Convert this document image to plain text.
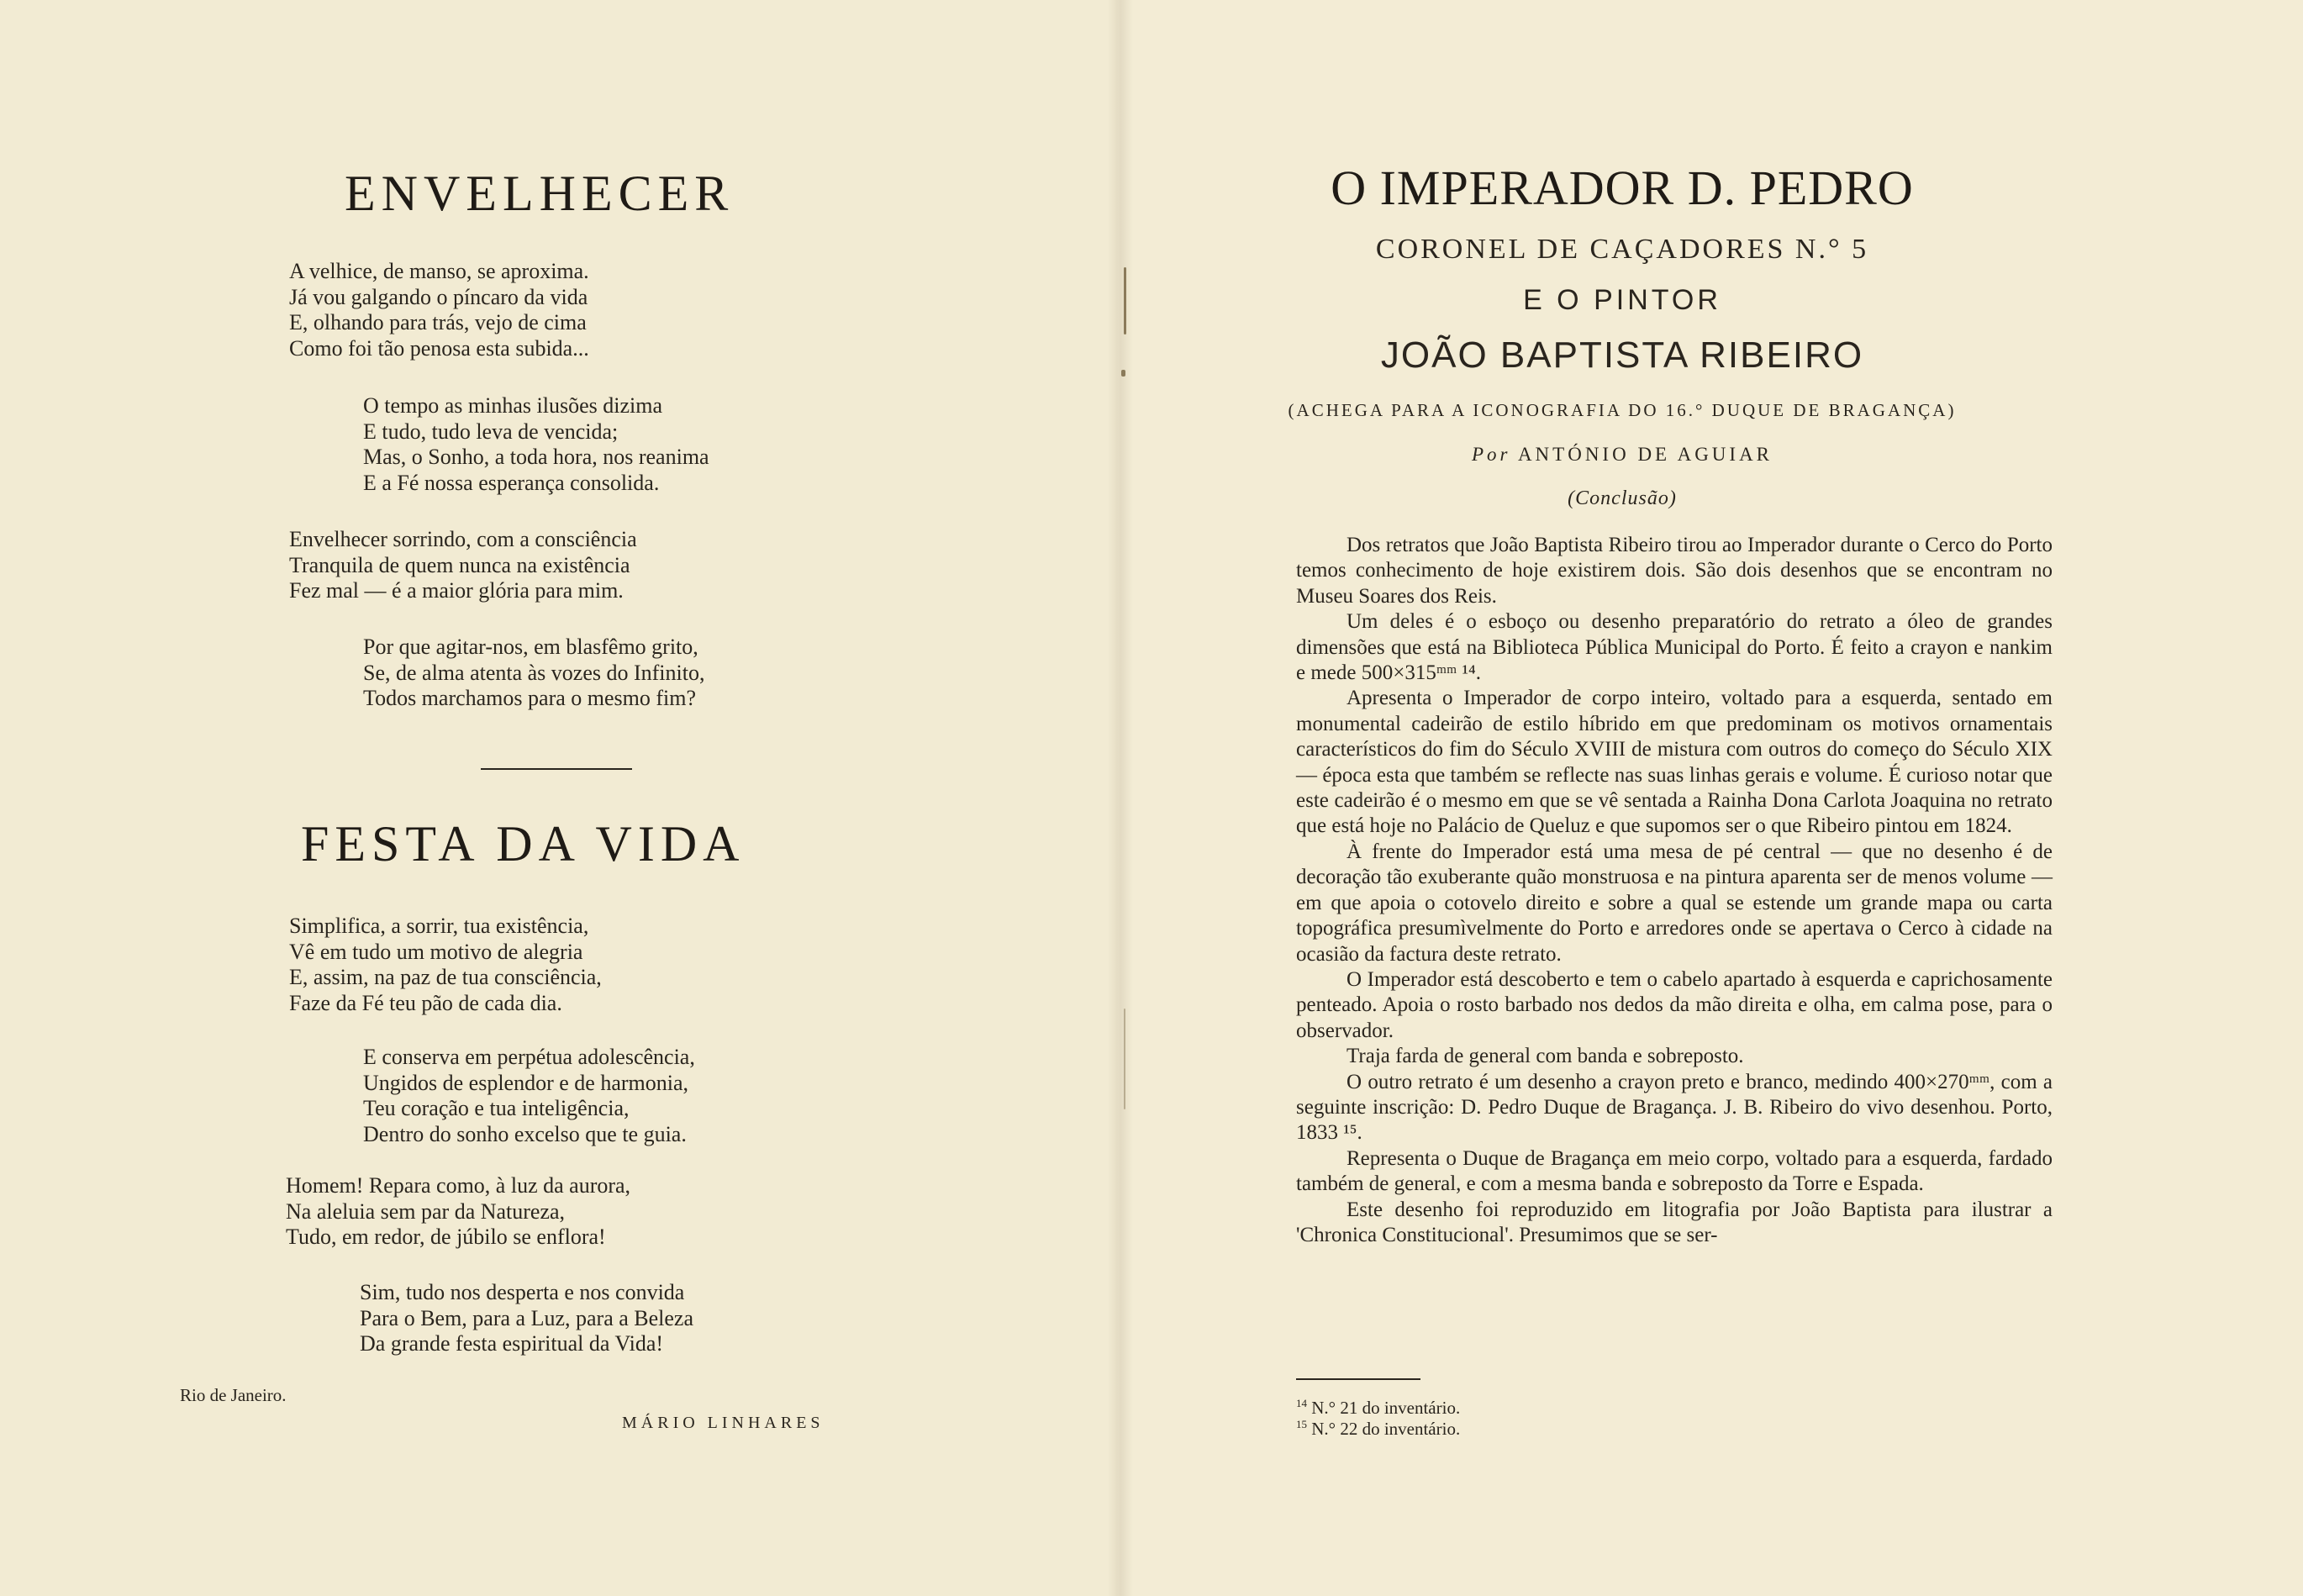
ENVELHECER
A velhice, de manso, se aproxima.
Já vou galgando o píncaro da vida
E, olhando para trás, vejo de cima
Como foi tão penosa esta subida...
O tempo as minhas ilusões dizima
E tudo, tudo leva de vencida;
Mas, o Sonho, a toda hora, nos reanima
E a Fé nossa esperança consolida.
Envelhecer sorrindo, com a consciência
Tranquila de quem nunca na existência
Fez mal — é a maior glória para mim.
Por que agitar-nos, em blasfêmo grito,
Se, de alma atenta às vozes do Infinito,
Todos marchamos para o mesmo fim?
FESTA DA VIDA
Simplifica, a sorrir, tua existência,
Vê em tudo um motivo de alegria
E, assim, na paz de tua consciência,
Faze da Fé teu pão de cada dia.
E conserva em perpétua adolescência,
Ungidos de esplendor e de harmonia,
Teu coração e tua inteligência,
Dentro do sonho excelso que te guia.
Homem! Repara como, à luz da aurora,
Na aleluia sem par da Natureza,
Tudo, em redor, de júbilo se enflora!
Sim, tudo nos desperta e nos convida
Para o Bem, para a Luz, para a Beleza
Da grande festa espiritual da Vida!
Rio de Janeiro.
MÁRIO LINHARES
O IMPERADOR D. PEDRO
CORONEL DE CAÇADORES N.° 5
E O PINTOR
JOÃO BAPTISTA RIBEIRO
(ACHEGA PARA A ICONOGRAFIA DO 16.° DUQUE DE BRAGANÇA)
Por ANTÓNIO DE AGUIAR
(Conclusão)

Dos retratos que João Baptista Ribeiro tirou ao Imperador durante o Cerco do Porto temos conhecimento de hoje existirem dois. São dois desenhos que se encontram no Museu Soares dos Reis.

Um deles é o esboço ou desenho preparatório do retrato a óleo de grandes dimensões que está na Biblioteca Pública Municipal do Porto. É feito a crayon e nankim e mede 500×315ᵐᵐ ¹⁴.

Apresenta o Imperador de corpo inteiro, voltado para a esquerda, sentado em monumental cadeirão de estilo híbrido em que predominam os motivos ornamentais característicos do fim do Século XVIII de mistura com outros do começo do Século XIX — época esta que também se reflecte nas suas linhas gerais e volume. É curioso notar que este cadeirão é o mesmo em que se vê sentada a Rainha Dona Carlota Joaquina no retrato que está hoje no Palácio de Queluz e que supomos ser o que Ribeiro pintou em 1824.

À frente do Imperador está uma mesa de pé central — que no desenho é de decoração tão exuberante quão monstruosa e na pintura aparenta ser de menos volume — em que apoia o cotovelo direito e sobre a qual se estende um grande mapa ou carta topográfica presumìvelmente do Porto e arredores onde se apertava o Cerco à cidade na ocasião da factura deste retrato.

O Imperador está descoberto e tem o cabelo apartado à esquerda e caprichosamente penteado. Apoia o rosto barbado nos dedos da mão direita e olha, em calma pose, para o observador.

Traja farda de general com banda e sobreposto.

O outro retrato é um desenho a crayon preto e branco, medindo 400×270ᵐᵐ, com a seguinte inscrição: D. Pedro Duque de Bragança. J. B. Ribeiro do vivo desenhou. Porto, 1833 ¹⁵.

Representa o Duque de Bragança em meio corpo, voltado para a esquerda, fardado também de general, e com a mesma banda e sobreposto da Torre e Espada.

Este desenho foi reproduzido em litografia por João Baptista para ilustrar a 'Chronica Constitucional'. Presumimos que se ser-

$^{14}$ N.° 21 do inventário.
$^{15}$ N.° 22 do inventário.
